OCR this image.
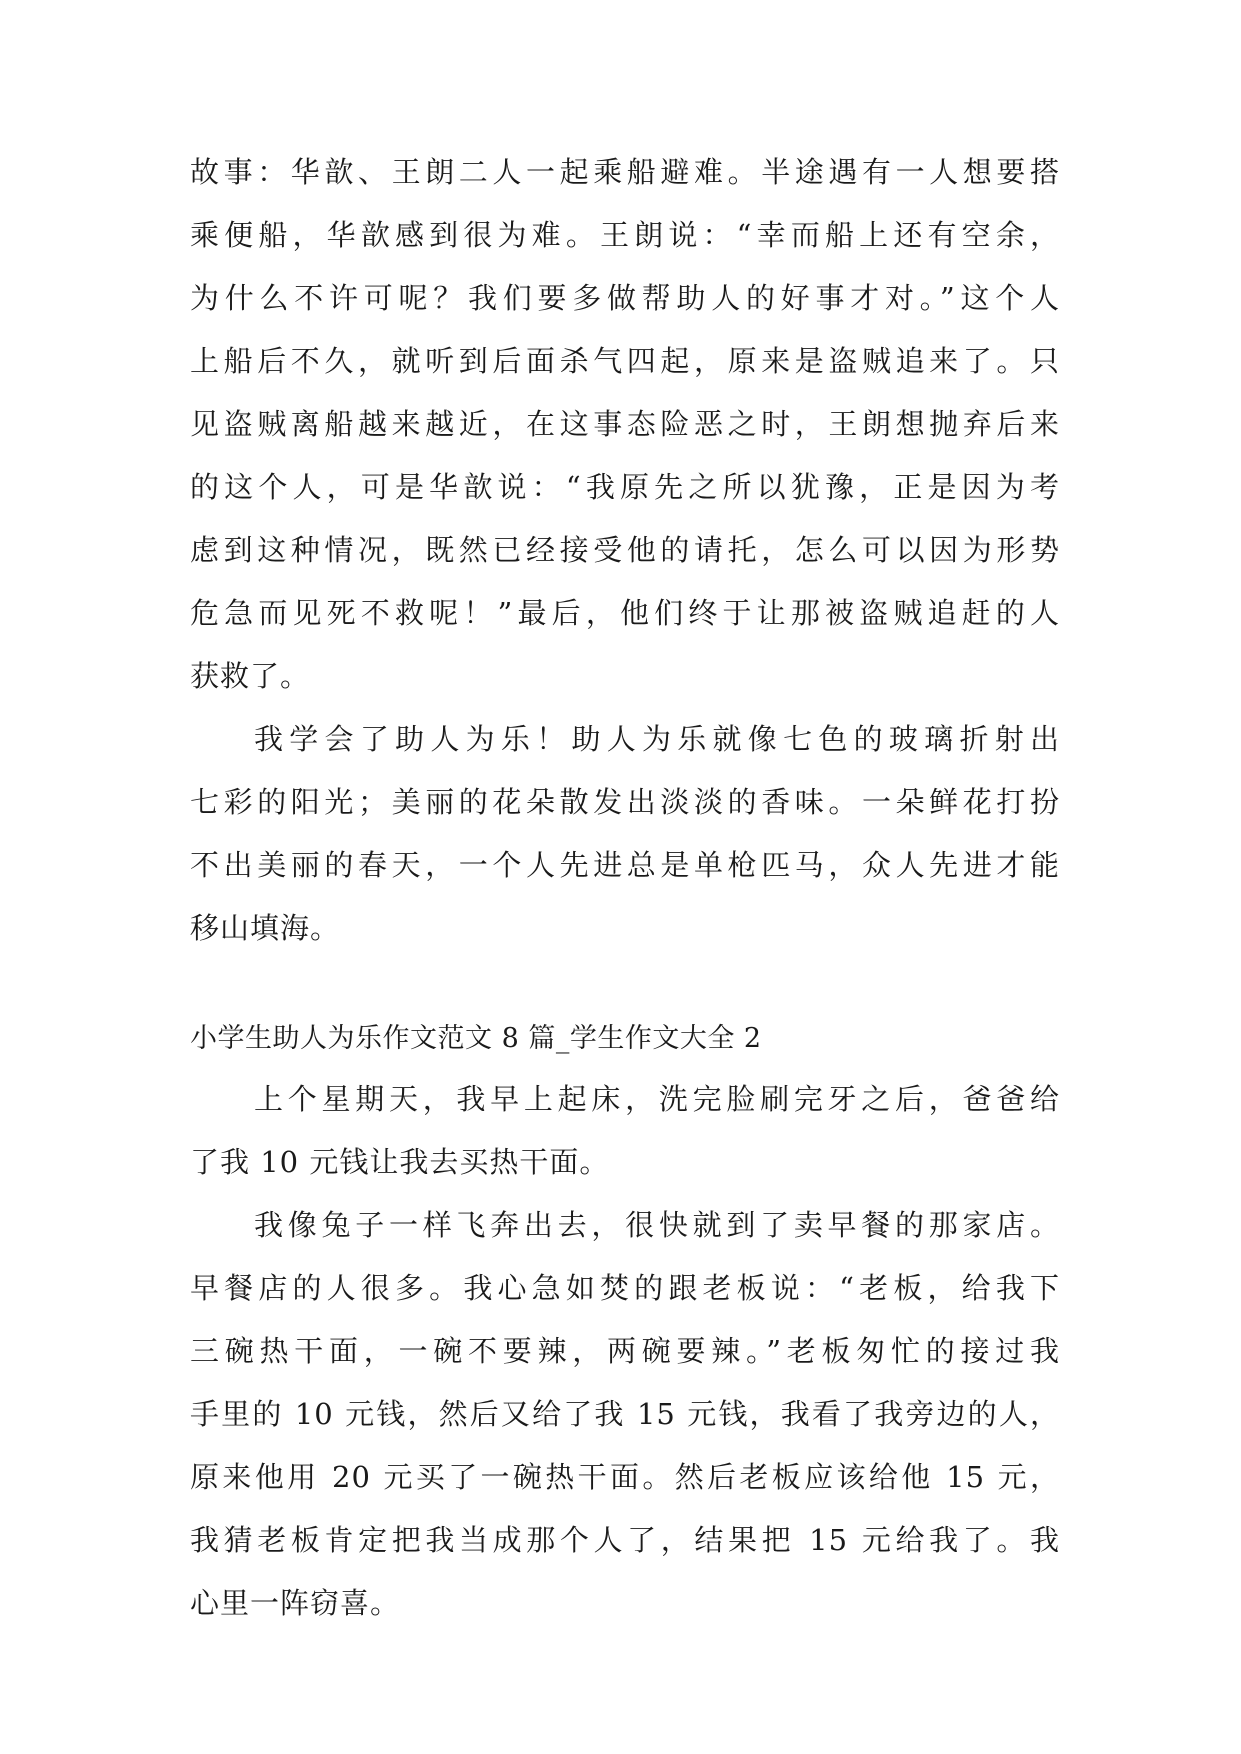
故事：华歆、王朗二人一起乘船避难。半途遇有一人想要搭
乘便船，华歆感到很为难。王朗说：“幸而船上还有空余，
为什么不许可呢？我们要多做帮助人的好事才对。”这个人
上船后不久，就听到后面杀气四起，原来是盗贼追来了。只
见盗贼离船越来越近，在这事态险恶之时，王朗想抛弃后来
的这个人，可是华歆说：“我原先之所以犹豫，正是因为考
虑到这种情况，既然已经接受他的请托，怎么可以因为形势
危急而见死不救呢！”最后，他们终于让那被盗贼追赶的人
获救了。
我学会了助人为乐！助人为乐就像七色的玻璃折射出
七彩的阳光；美丽的花朵散发出淡淡的香味。一朵鲜花打扮
不出美丽的春天，一个人先进总是单枪匹马，众人先进才能
移山填海。
小学生助人为乐作文范文 8 篇_学生作文大全 2
上个星期天，我早上起床，洗完脸刷完牙之后，爸爸给
了我 10 元钱让我去买热干面。
我像兔子一样飞奔出去，很快就到了卖早餐的那家店。
早餐店的人很多。我心急如焚的跟老板说：“老板，给我下
三碗热干面，一碗不要辣，两碗要辣。”老板匆忙的接过我
手里的 10 元钱，然后又给了我 15 元钱，我看了我旁边的人，
原来他用 20 元买了一碗热干面。然后老板应该给他 15 元，
我猜老板肯定把我当成那个人了，结果把 15 元给我了。我
心里一阵窃喜。
